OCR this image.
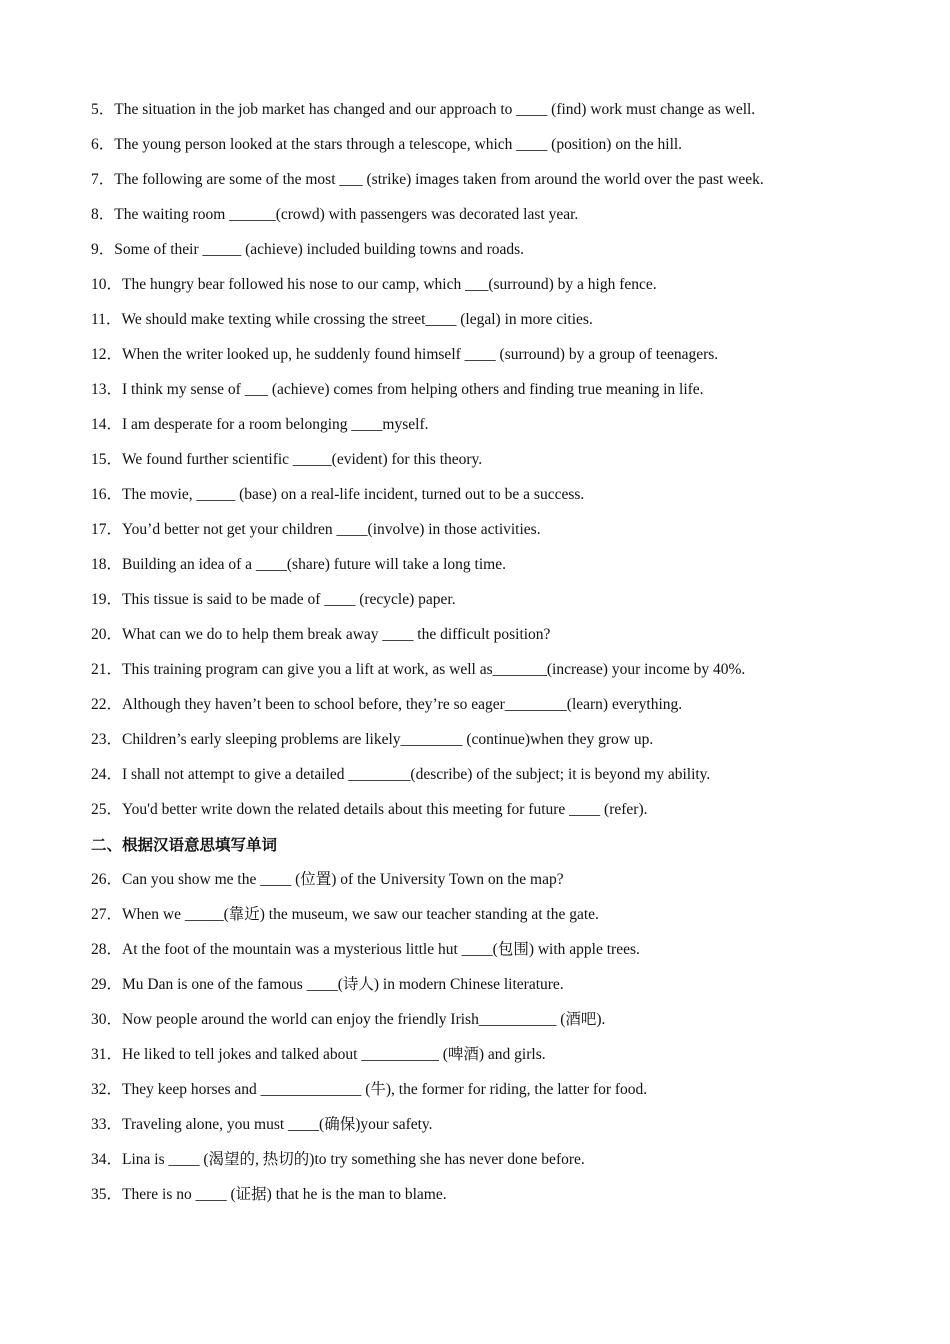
5． The situation in the job market has changed and our approach to ____ (find) work must change as well.
6． The young person looked at the stars through a telescope, which ____ (position) on the hill.
7． The following are some of the most ___ (strike) images taken from around the world over the past week.
8． The waiting room ______(crowd) with passengers was decorated last year.
9． Some of their _____ (achieve) included building towns and roads.
10． The hungry bear followed his nose to our camp, which ___(surround) by a high fence.
11． We should make texting while crossing the street____ (legal) in more cities.
12． When the writer looked up, he suddenly found himself ____ (surround) by a group of teenagers.
13． I think my sense of ___ (achieve) comes from helping others and finding true meaning in life.
14． I am desperate for a room belonging ____myself.
15． We found further scientific _____(evident) for this theory.
16． The movie, _____ (base) on a real-life incident, turned out to be a success.
17． You’d better not get your children ____(involve) in those activities.
18． Building an idea of a ____(share) future will take a long time.
19． This tissue is said to be made of ____ (recycle) paper.
20． What can we do to help them break away ____ the difficult position?
21． This training program can give you a lift at work, as well as_______(increase) your income by 40%.
22． Although they haven’t been to school before, they’re so eager________(learn) everything.
23． Children’s early sleeping problems are likely________ (continue)when they grow up.
24． I shall not attempt to give a detailed ________(describe) of the subject; it is beyond my ability.
25． You'd better write down the related details about this meeting for future ____ (refer).
二、根据汉语意思填写单词
26． Can you show me the ____ (位置) of the University Town on the map?
27． When we _____(靠近) the museum, we saw our teacher standing at the gate.
28． At the foot of the mountain was a mysterious little hut ____(包围) with apple trees.
29． Mu Dan is one of the famous ____(诗人) in modern Chinese literature.
30． Now people around the world can enjoy the friendly Irish__________ (酒吧).
31． He liked to tell jokes and talked about __________ (啤酒) and girls.
32． They keep horses and _____________ (牛), the former for riding, the latter for food.
33． Traveling alone, you must ____(确保)your safety.
34． Lina is ____ (渴望的, 热切的)to try something she has never done before.
35． There is no ____ (证据) that he is the man to blame.
